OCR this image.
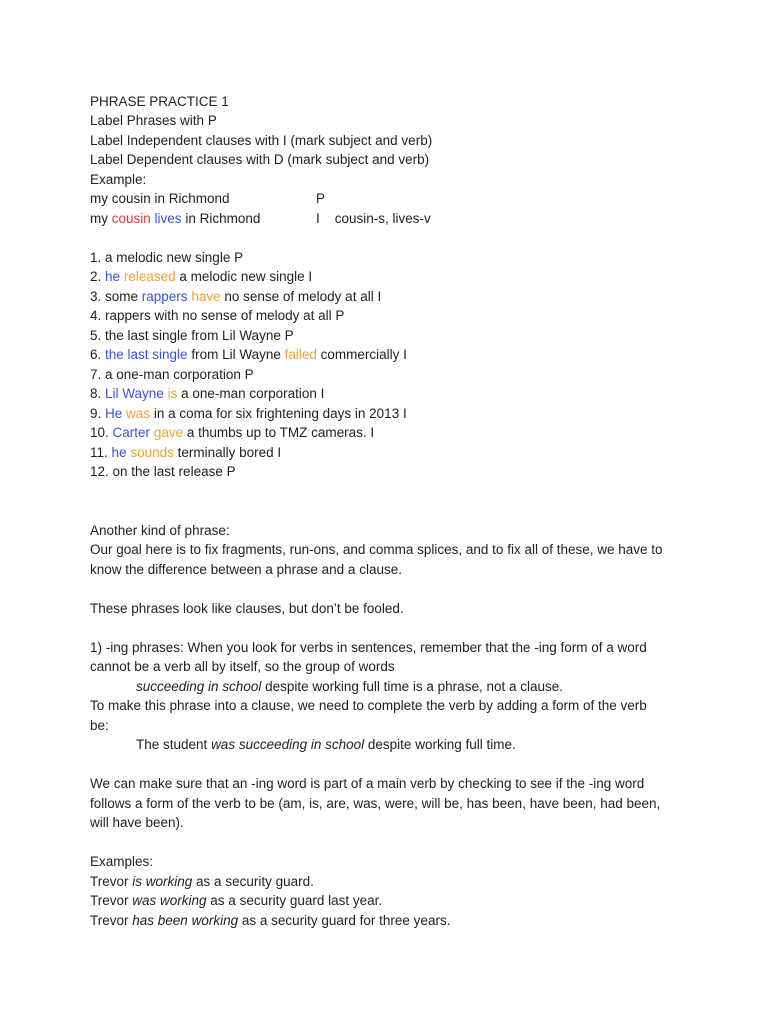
PHRASE PRACTICE 1
Label Phrases with P
Label Independent clauses with I (mark subject and verb)
Label Dependent clauses with D (mark subject and verb)
Example:
my cousin in Richmond	P
my cousin lives in Richmond	I    cousin-s, lives-v
1. a melodic new single P
2. he released a melodic new single I
3. some rappers have no sense of melody at all I
4. rappers with no sense of melody at all P
5. the last single from Lil Wayne P
6. the last single from Lil Wayne failed commercially I
7. a one-man corporation P
8. Lil Wayne is a one-man corporation I
9. He was in a coma for six frightening days in 2013 I
10. Carter gave a thumbs up to TMZ cameras. I
11. he sounds terminally bored I
12. on the last release P
Another kind of phrase:
Our goal here is to fix fragments, run-ons, and comma splices, and to fix all of these, we have to
know the difference between a phrase and a clause.
These phrases look like clauses, but don’t be fooled.
1) -ing phrases: When you look for verbs in sentences, remember that the -ing form of a word
cannot be a verb all by itself, so the group of words
succeeding in school despite working full time is a phrase, not a clause.
To make this phrase into a clause, we need to complete the verb by adding a form of the verb
be:
The student was succeeding in school despite working full time.
We can make sure that an -ing word is part of a main verb by checking to see if the -ing word
follows a form of the verb to be (am, is, are, was, were, will be, has been, have been, had been,
will have been).
Examples:
Trevor is working as a security guard.
Trevor was working as a security guard last year.
Trevor has been working as a security guard for three years.
